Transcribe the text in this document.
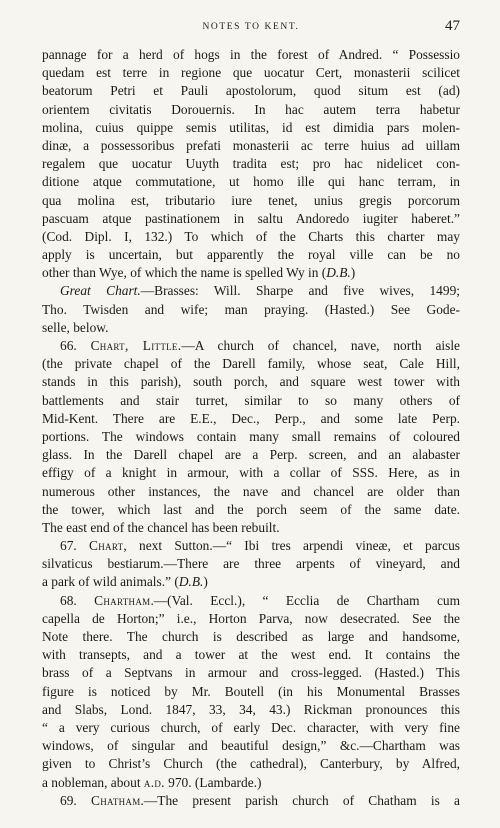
NOTES TO KENT.	47
pannage for a herd of hogs in the forest of Andred. “ Possessio
quedam est terre in regione que uocatur Cert, monasterii scilicet
beatorum Petri et Pauli apostolorum, quod situm est (ad)
orientem civitatis Dorouernis. In hac autem terra habetur
molina, cuius quippe semis utilitas, id est dimidia pars molen-
dinæ, a possessoribus prefati monasterii ac terre huius ad uillam
regalem que uocatur Uuyth tradita est; pro hac nidelicet con-
ditione atque commutatione, ut homo ille qui hanc terram, in
qua molina est, tributario iure tenet, unius gregis porcorum
pascuam atque pastinationem in saltu Andoredo iugiter haberet.”
(Cod. Dipl. I, 132.) To which of the Charts this charter may
apply is uncertain, but apparently the royal ville can be no
other than Wye, of which the name is spelled Wy in (D.B.)
Great Chart.—Brasses: Will. Sharpe and five wives, 1499;
Tho. Twisden and wife; man praying. (Hasted.) See Gode-
selle, below.
66. Chart, Little.—A church of chancel, nave, north aisle
(the private chapel of the Darell family, whose seat, Cale Hill,
stands in this parish), south porch, and square west tower with
battlements and stair turret, similar to so many others of
Mid-Kent. There are E.E., Dec., Perp., and some late Perp.
portions. The windows contain many small remains of coloured
glass. In the Darell chapel are a Perp. screen, and an alabaster
effigy of a knight in armour, with a collar of SSS. Here, as in
numerous other instances, the nave and chancel are older than
the tower, which last and the porch seem of the same date.
The east end of the chancel has been rebuilt.
67. Chart, next Sutton.—“ Ibi tres arpendi vineæ, et parcus
silvaticus bestiarum.—There are three arpents of vineyard, and
a park of wild animals.” (D.B.)
68. Chartham.—(Val. Eccl.), “ Ecclia de Chartham cum
capella de Horton;” i.e., Horton Parva, now desecrated. See the
Note there. The church is described as large and handsome,
with transepts, and a tower at the west end. It contains the
brass of a Septvans in armour and cross-legged. (Hasted.) This
figure is noticed by Mr. Boutell (in his Monumental Brasses
and Slabs, Lond. 1847, 33, 34, 43.) Rickman pronounces this
“ a very curious church, of early Dec. character, with very fine
windows, of singular and beautiful design,” &c.—Chartham was
given to Christ’s Church (the cathedral), Canterbury, by Alfred,
a nobleman, about a.d. 970. (Lambarde.)
69. Chatham.—The present parish church of Chatham is a
